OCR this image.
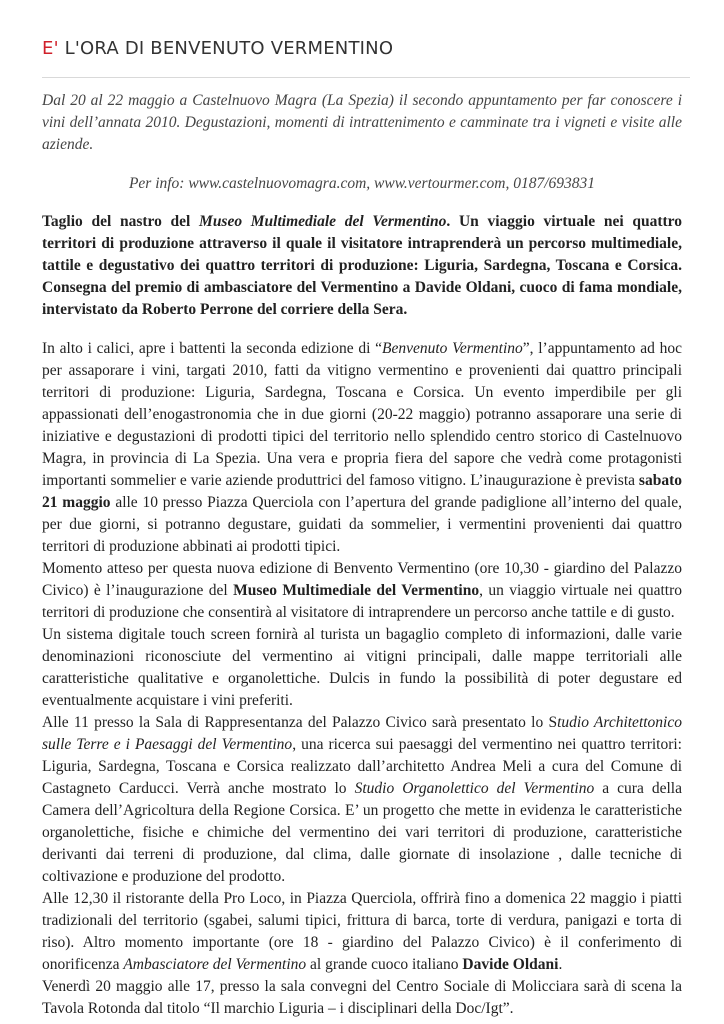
E' L'ORA DI BENVENUTO VERMENTINO

Dal 20 al 22 maggio a Castelnuovo Magra (La Spezia) il secondo appuntamento per far conoscere i vini dell’annata 2010. Degustazioni, momenti di intrattenimento e camminate tra i vigneti e visite alle aziende.

Per info: www.castelnuovomagra.com, www.vertourmer.com, 0187/693831

Taglio del nastro del Museo Multimediale del Vermentino. Un viaggio virtuale nei quattro territori di produzione attraverso il quale il visitatore intraprenderà un percorso multimediale, tattile e degustativo dei quattro territori di produzione: Liguria, Sardegna, Toscana e Corsica. Consegna del premio di ambasciatore del Vermentino a Davide Oldani, cuoco di fama mondiale, intervistato da Roberto Perrone del corriere della Sera.

In alto i calici, apre i battenti la seconda edizione di “Benvenuto Vermentino”, l’appuntamento ad hoc per assaporare i vini, targati 2010, fatti da vitigno vermentino e provenienti dai quattro principali territori di produzione: Liguria, Sardegna, Toscana e Corsica. Un evento imperdibile per gli appassionati dell’enogastronomia che in due giorni (20-22 maggio) potranno assaporare una serie di iniziative e degustazioni di prodotti tipici del territorio nello splendido centro storico di Castelnuovo Magra, in provincia di La Spezia. Una vera e propria fiera del sapore che vedrà come protagonisti importanti sommelier e varie aziende produttrici del famoso vitigno. L’inaugurazione è prevista sabato 21 maggio alle 10 presso Piazza Querciola con l’apertura del grande padiglione all’interno del quale, per due giorni, si potranno degustare, guidati da sommelier, i vermentini provenienti dai quattro territori di produzione abbinati ai prodotti tipici.

Momento atteso per questa nuova edizione di Benvento Vermentino (ore 10,30 - giardino del Palazzo Civico) è l’inaugurazione del Museo Multimediale del Vermentino, un viaggio virtuale nei quattro territori di produzione che consentirà al visitatore di intraprendere un percorso anche tattile e di gusto.

Un sistema digitale touch screen fornirà al turista un bagaglio completo di informazioni, dalle varie denominazioni riconosciute del vermentino ai vitigni principali, dalle mappe territoriali alle caratteristiche qualitative e organolettiche. Dulcis in fundo la possibilità di poter degustare ed eventualmente acquistare i vini preferiti.

Alle 11 presso la Sala di Rappresentanza del Palazzo Civico sarà presentato lo Studio Architettonico sulle Terre e i Paesaggi del Vermentino, una ricerca sui paesaggi del vermentino nei quattro territori: Liguria, Sardegna, Toscana e Corsica realizzato dall’architetto Andrea Meli a cura del Comune di Castagneto Carducci. Verrà anche mostrato lo Studio Organolettico del Vermentino a cura della Camera dell’Agricoltura della Regione Corsica. E’ un progetto che mette in evidenza le caratteristiche organolettiche, fisiche e chimiche del vermentino dei vari territori di produzione, caratteristiche derivanti dai terreni di produzione, dal clima, dalle giornate di insolazione , dalle tecniche di coltivazione e produzione del prodotto.

Alle 12,30 il ristorante della Pro Loco, in Piazza Querciola, offrirà fino a domenica 22 maggio i piatti tradizionali del territorio (sgabei, salumi tipici, frittura di barca, torte di verdura, panigazi e torta di riso). Altro momento importante (ore 18 - giardino del Palazzo Civico) è il conferimento di onorificenza Ambasciatore del Vermentino al grande cuoco italiano Davide Oldani.

Venerdì 20 maggio alle 17, presso la sala convegni del Centro Sociale di Molicciara sarà di scena la Tavola Rotonda dal titolo “Il marchio Liguria – i disciplinari della Doc/Igt”.
